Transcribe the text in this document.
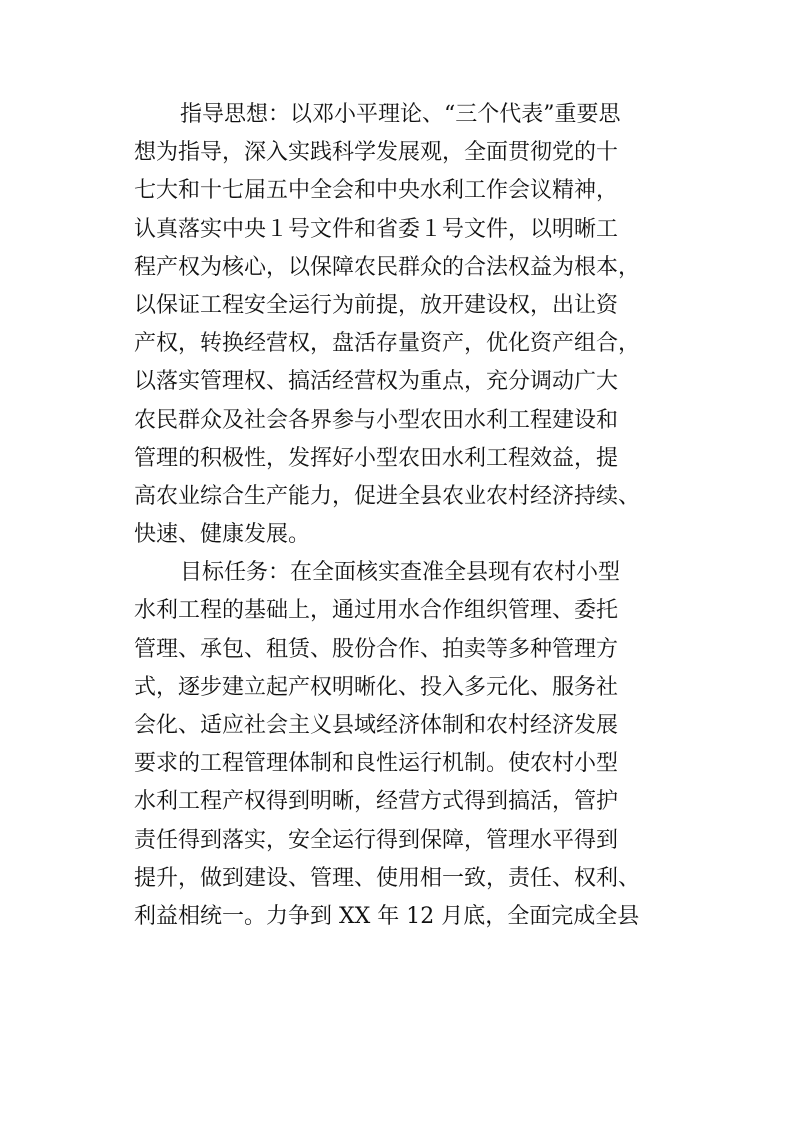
指导思想：以邓小平理论、“三个代表”重要思
想为指导，深入实践科学发展观，全面贯彻党的十
七大和十七届五中全会和中央水利工作会议精神，
认真落实中央１号文件和省委１号文件，以明晰工
程产权为核心，以保障农民群众的合法权益为根本，
以保证工程安全运行为前提，放开建设权，出让资
产权，转换经营权，盘活存量资产，优化资产组合，
以落实管理权、搞活经营权为重点，充分调动广大
农民群众及社会各界参与小型农田水利工程建设和
管理的积极性，发挥好小型农田水利工程效益，提
高农业综合生产能力，促进全县农业农村经济持续、
快速、健康发展。
目标任务：在全面核实查准全县现有农村小型
水利工程的基础上，通过用水合作组织管理、委托
管理、承包、租赁、股份合作、拍卖等多种管理方
式，逐步建立起产权明晰化、投入多元化、服务社
会化、适应社会主义县域经济体制和农村经济发展
要求的工程管理体制和良性运行机制。使农村小型
水利工程产权得到明晰，经营方式得到搞活，管护
责任得到落实，安全运行得到保障，管理水平得到
提升，做到建设、管理、使用相一致，责任、权利、
利益相统一。力争到 XX 年 12 月底，全面完成全县
